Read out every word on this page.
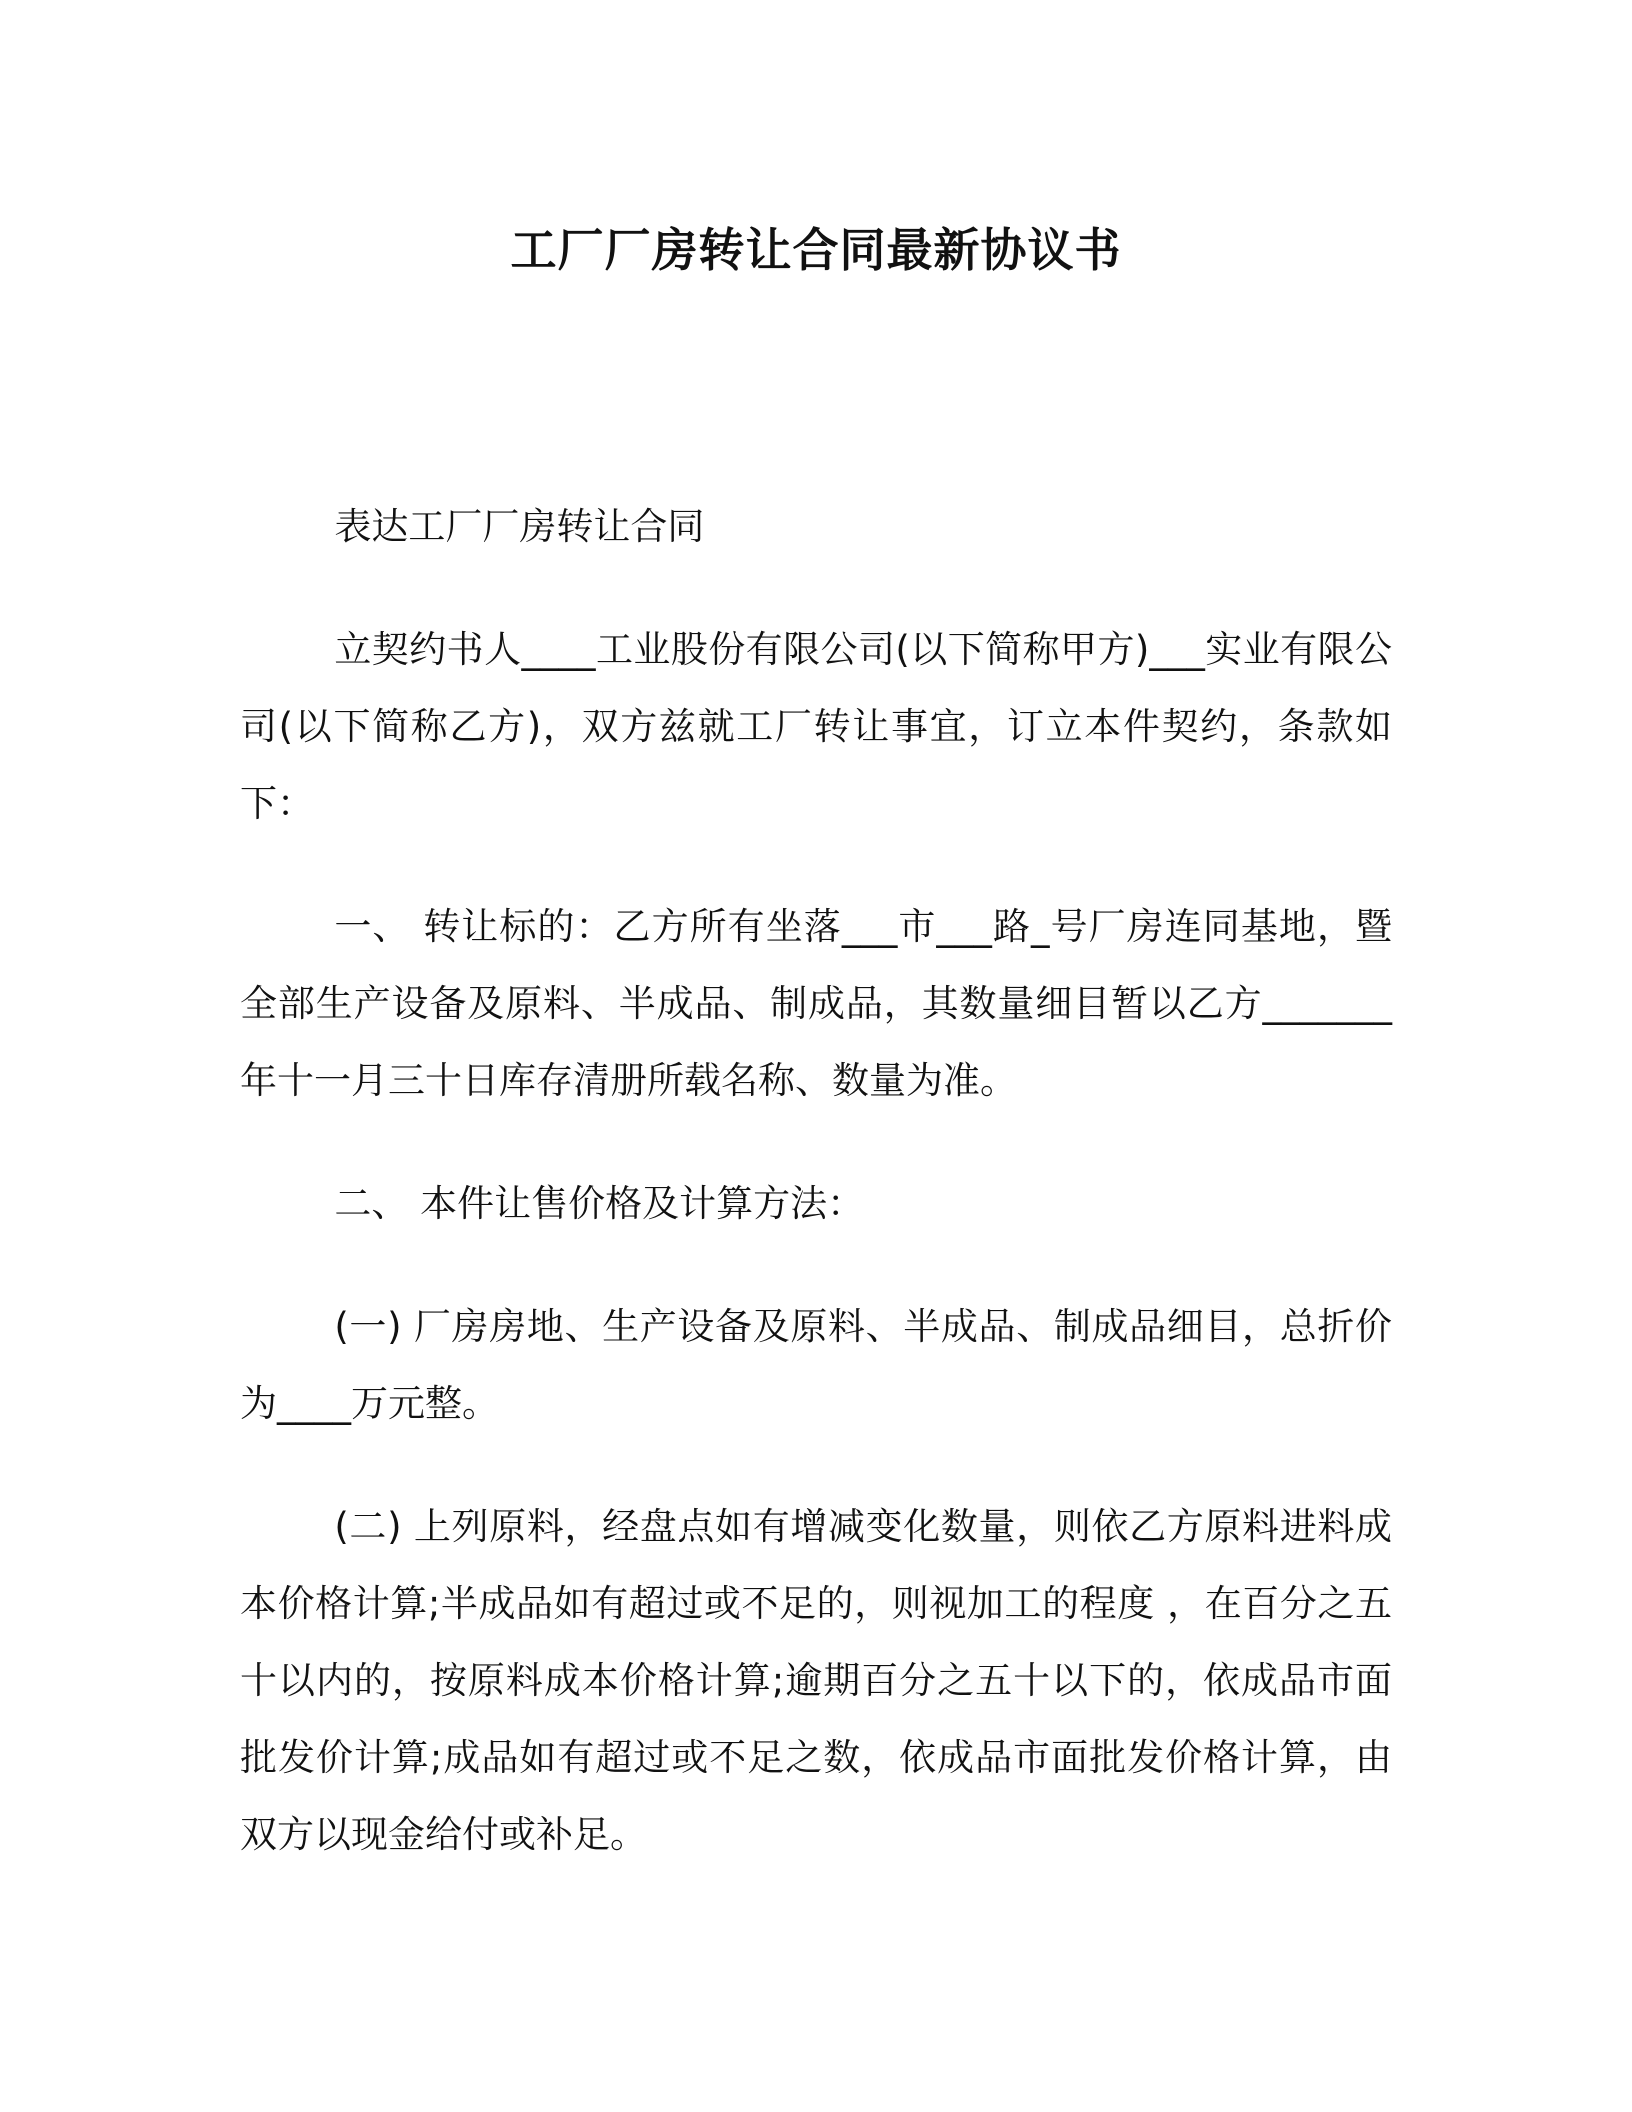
工厂厂房转让合同最新协议书

表达工厂厂房转让合同

立契约书人____工业股份有限公司(以下简称甲方)___实业有限公司(以下简称乙方)，双方兹就工厂转让事宜，订立本件契约，条款如下：

一、 转让标的：乙方所有坐落___市___路_号厂房连同基地，暨全部生产设备及原料、半成品、制成品，其数量细目暂以乙方_______年十一月三十日库存清册所载名称、数量为准。

二、 本件让售价格及计算方法：

(一) 厂房房地、生产设备及原料、半成品、制成品细目，总折价为____万元整。

(二) 上列原料，经盘点如有增减变化数量，则依乙方原料进料成本价格计算;半成品如有超过或不足的，则视加工的程度 ，在百分之五十以内的，按原料成本价格计算;逾期百分之五十以下的，依成品市面批发价计算;成品如有超过或不足之数，依成品市面批发价格计算，由双方以现金给付或补足。
